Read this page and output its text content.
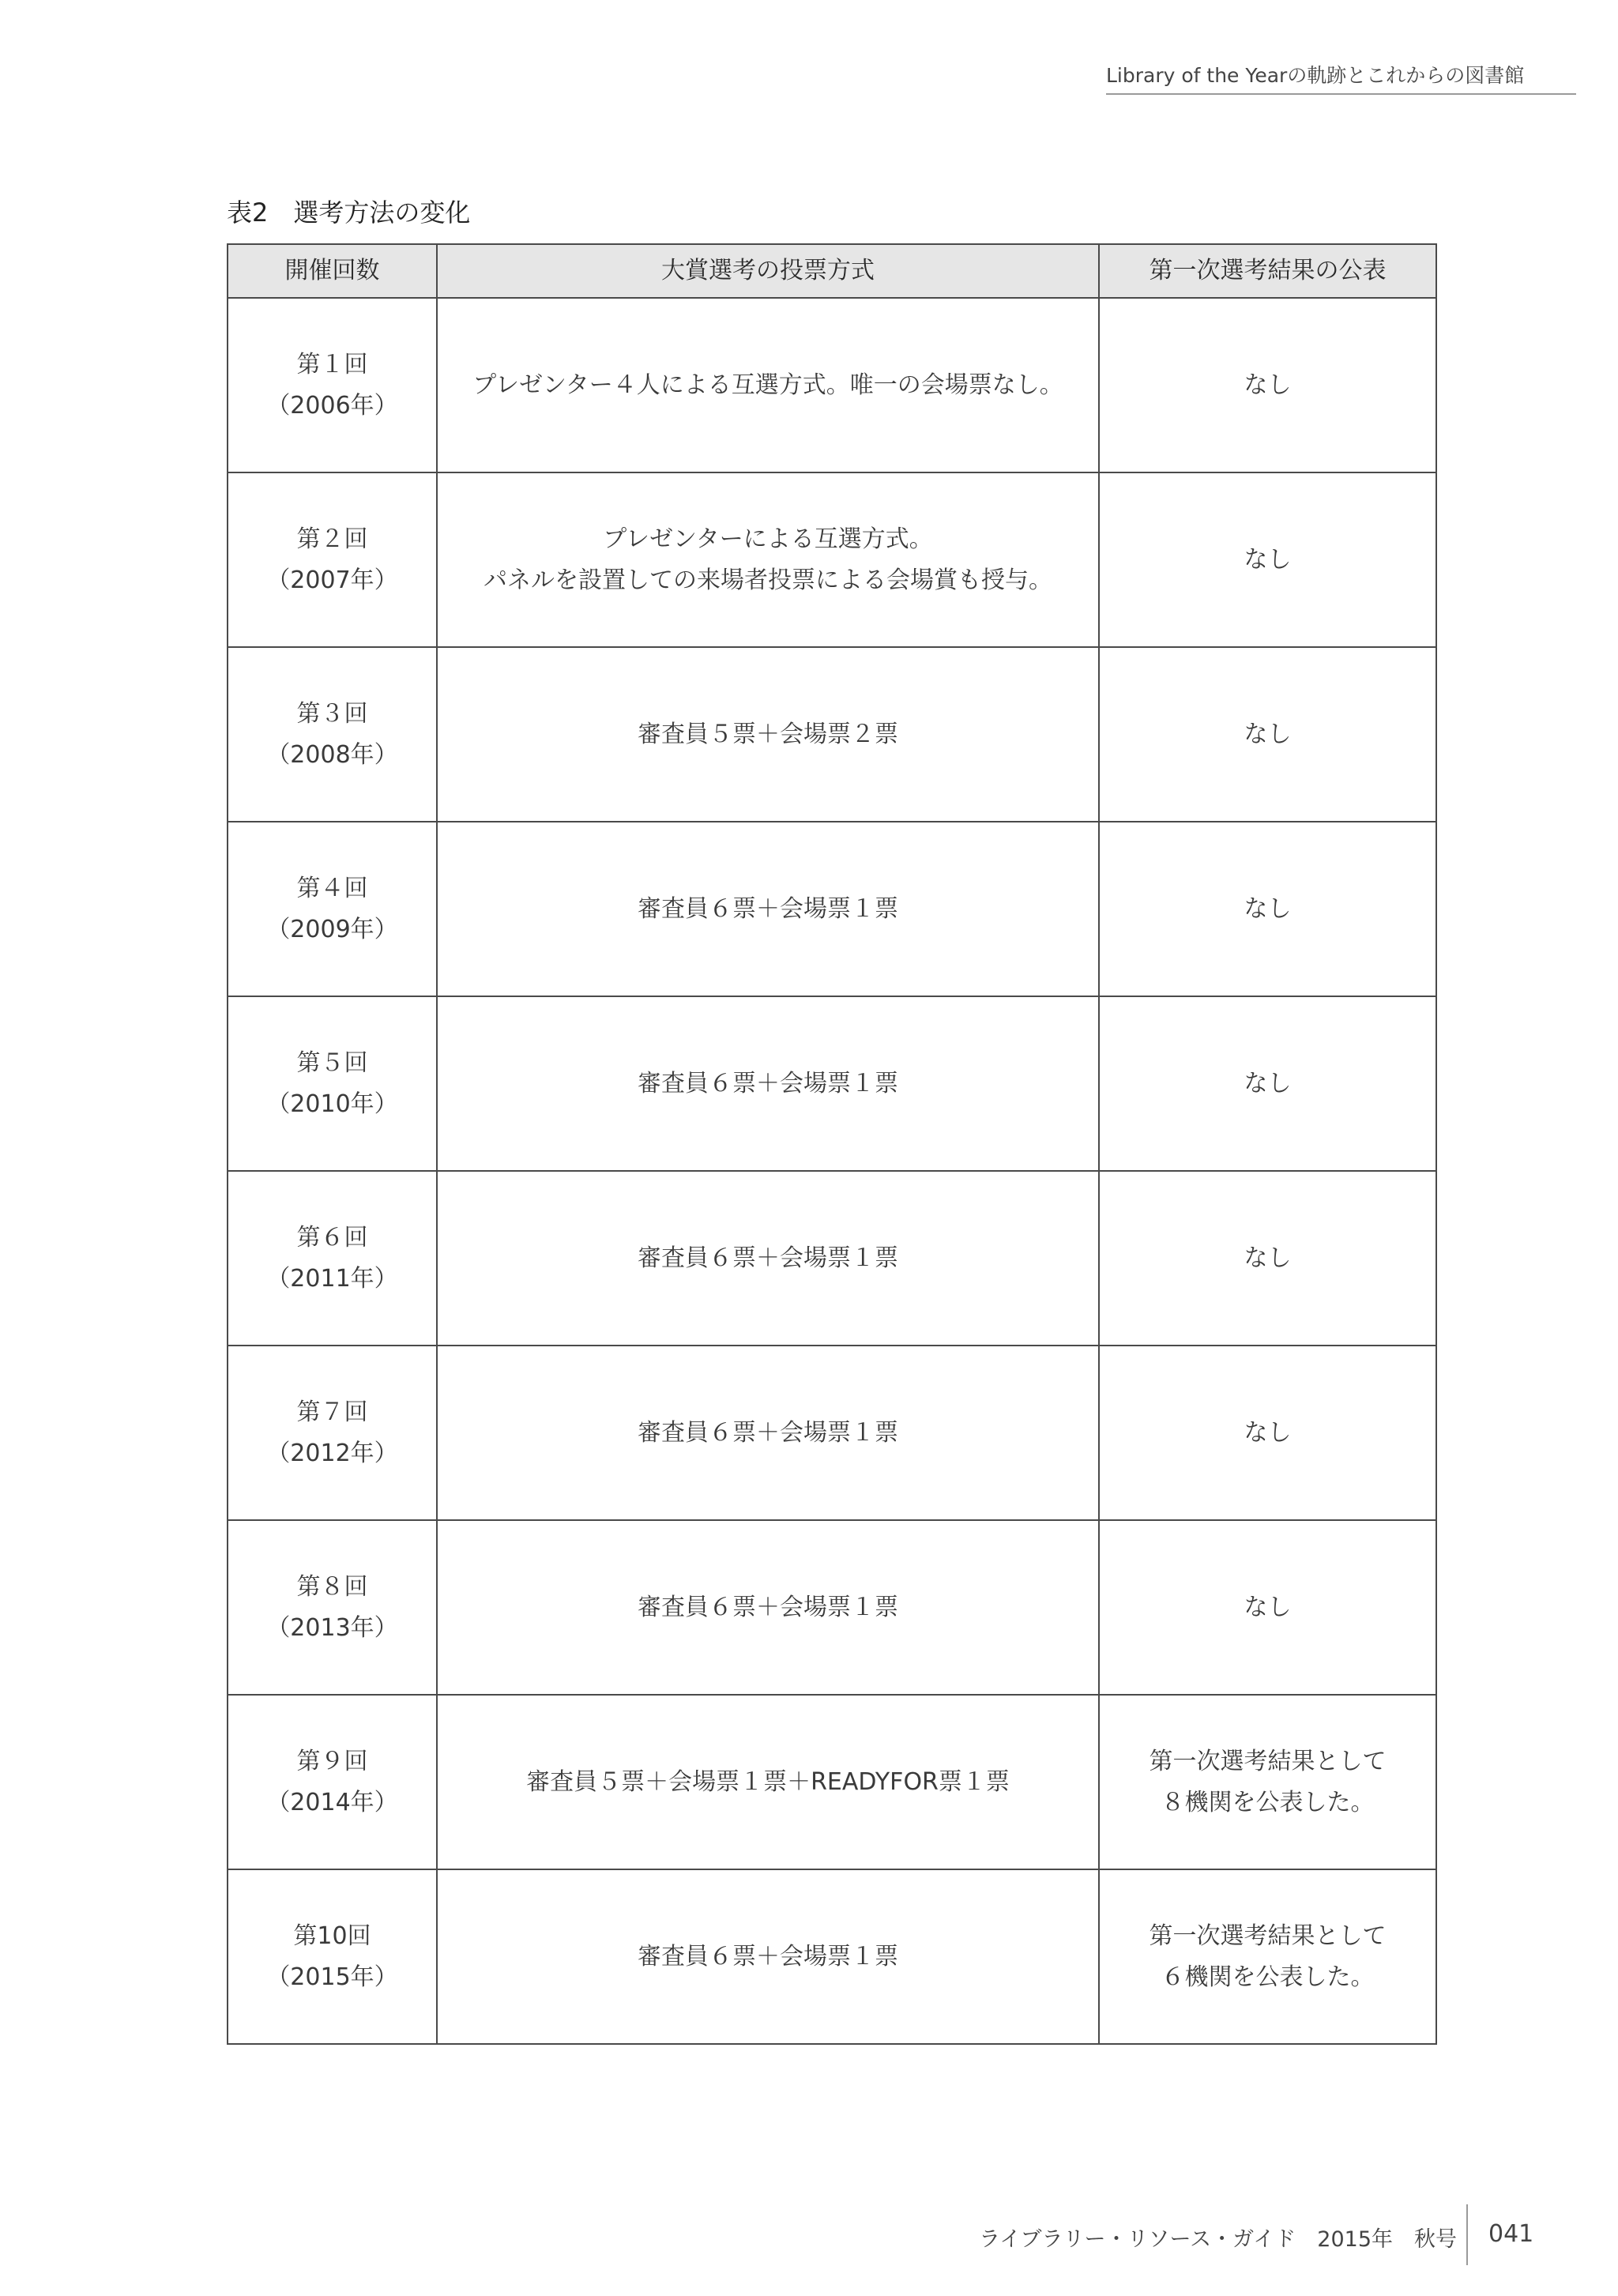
Library of the Yearの軌跡とこれからの図書館
表2　選考方法の変化
開催回数	大賞選考の投票方式	第一次選考結果の公表

第１回
（2006年）	プレゼンター４人による互選方式。唯一の会場票なし。	なし

第２回
（2007年）	プレゼンターによる互選方式。
パネルを設置しての来場者投票による会場賞も授与。	なし

第３回
（2008年）	審査員５票＋会場票２票	なし

第４回
（2009年）	審査員６票＋会場票１票	なし

第５回
（2010年）	審査員６票＋会場票１票	なし

第６回
（2011年）	審査員６票＋会場票１票	なし

第７回
（2012年）	審査員６票＋会場票１票	なし

第８回
（2013年）	審査員６票＋会場票１票	なし

第９回
（2014年）	審査員５票＋会場票１票＋READYFOR票１票	第一次選考結果として
８機関を公表した。

第10回
（2015年）	審査員６票＋会場票１票	第一次選考結果として
６機関を公表した。
ライブラリー・リソース・ガイド　2015年　秋号 041
